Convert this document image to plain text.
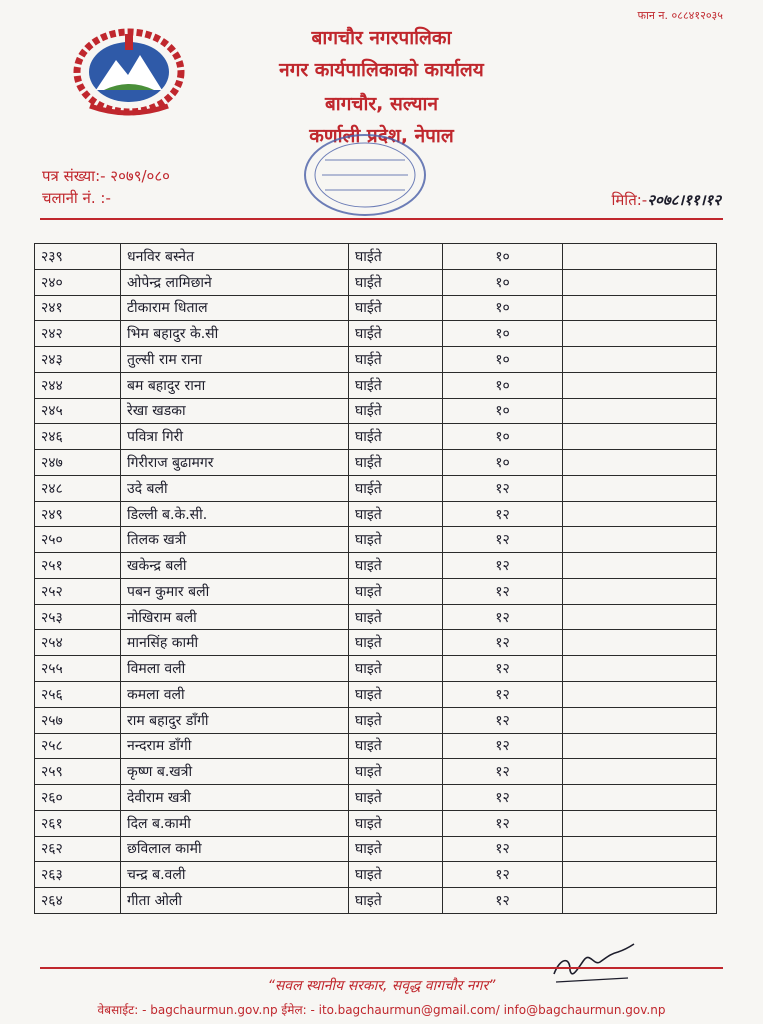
फान न. ०८८४१२०३५
बागचौर नगरपालिका
नगर कार्यपालिकाको कार्यालय
बागचौर, सल्यान
कर्णाली प्रदेश, नेपाल
पत्र संख्या:- २०७९/०८०
चलानी नं. :-	मिति:-२०७८।११।१२
२३९	धनविर बस्नेत	घाईते	१०	
२४०	ओपेन्द्र लामिछाने	घाईते	१०	
२४१	टीकाराम धिताल	घाईते	१०	
२४२	भिम बहादुर के.सी	घाईते	१०	
२४३	तुल्सी राम राना	घाईते	१०	
२४४	बम बहादुर राना	घाईते	१०	
२४५	रेखा खडका	घाईते	१०	
२४६	पवित्रा गिरी	घाईते	१०	
२४७	गिरीराज बुढामगर	घाईते	१०	
२४८	उदे बली	घाईते	१२	
२४९	डिल्ली ब.के.सी.	घाइते	१२	
२५०	तिलक खत्री	घाइते	१२	
२५१	खकेन्द्र बली	घाइते	१२	
२५२	पबन कुमार बली	घाइते	१२	
२५३	नोखिराम बली	घाइते	१२	
२५४	मानसिंह कामी	घाइते	१२	
२५५	विमला वली	घाइते	१२	
२५६	कमला वली	घाइते	१२	
२५७	राम बहादुर डाँगी	घाइते	१२	
२५८	नन्दराम डाँगी	घाइते	१२	
२५९	कृष्ण ब.खत्री	घाइते	१२	
२६०	देवीराम खत्री	घाइते	१२	
२६१	दिल ब.कामी	घाइते	१२	
२६२	छविलाल कामी	घाइते	१२	
२६३	चन्द्र ब.वली	घाइते	१२	
२६४	गीता ओली	घाइते	१२	
“सवल स्थानीय सरकार, सवृद्ध वागचौर नगर”
वेबसाईट: - bagchaurmun.gov.np ईमेल: - ito.bagchaurmun@gmail.com/ info@bagchaurmun.gov.np
